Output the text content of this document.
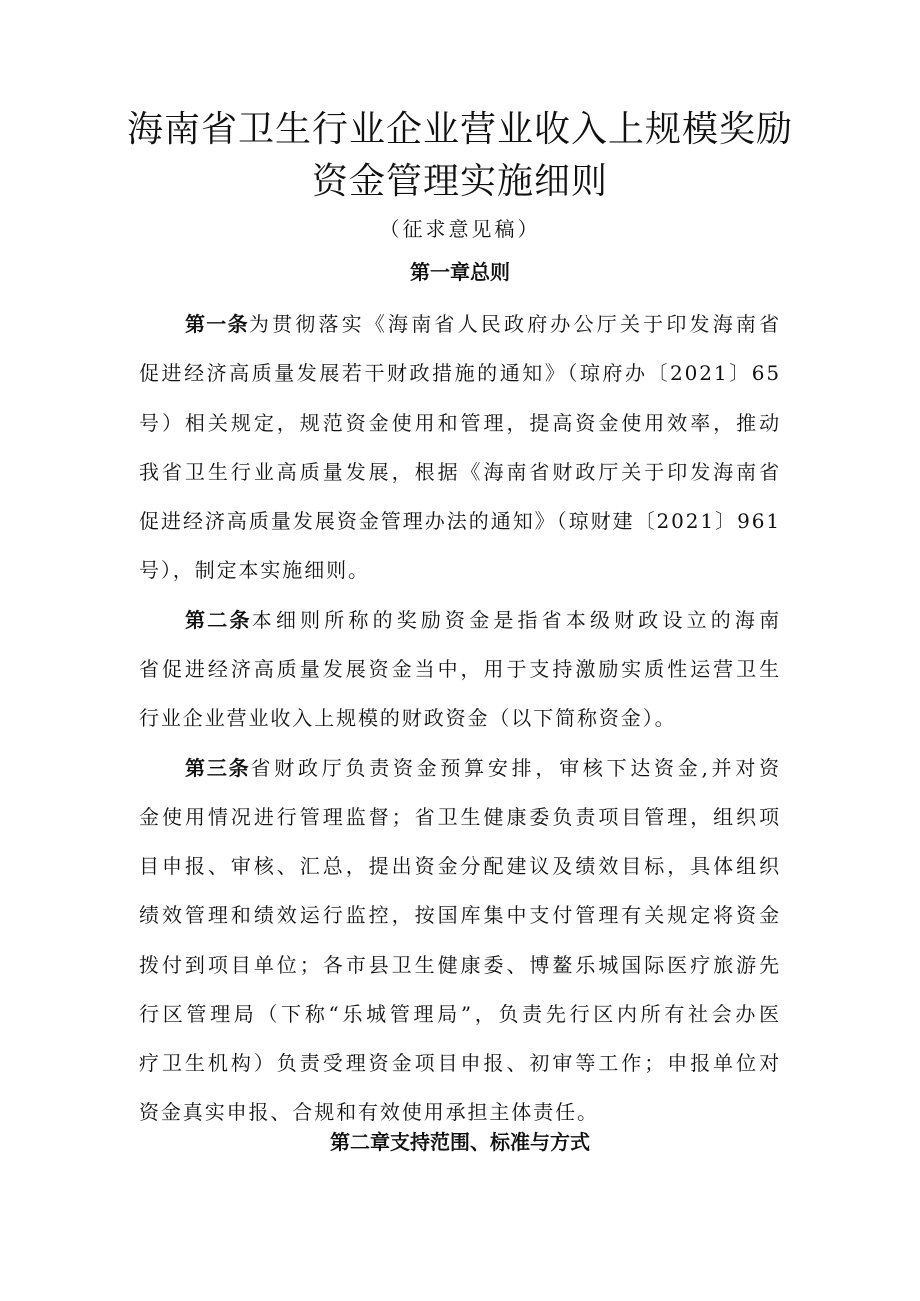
海南省卫生行业企业营业收入上规模奖励
资金管理实施细则
（征求意见稿）
第一章总则
第一条为贯彻落实《海南省人民政府办公厅关于印发海南省
促进经济高质量发展若干财政措施的通知》（琼府办〔2021〕65
号）相关规定，规范资金使用和管理，提高资金使用效率，推动
我省卫生行业高质量发展，根据《海南省财政厅关于印发海南省
促进经济高质量发展资金管理办法的通知》（琼财建〔2021〕961
号），制定本实施细则。
第二条本细则所称的奖励资金是指省本级财政设立的海南
省促进经济高质量发展资金当中，用于支持激励实质性运营卫生
行业企业营业收入上规模的财政资金（以下简称资金）。
第三条省财政厅负责资金预算安排，审核下达资金,并对资
金使用情况进行管理监督；省卫生健康委负责项目管理，组织项
目申报、审核、汇总，提出资金分配建议及绩效目标，具体组织
绩效管理和绩效运行监控，按国库集中支付管理有关规定将资金
拨付到项目单位；各市县卫生健康委、博鳌乐城国际医疗旅游先
行区管理局（下称“乐城管理局”，负责先行区内所有社会办医
疗卫生机构）负责受理资金项目申报、初审等工作；申报单位对
资金真实申报、合规和有效使用承担主体责任。
第二章支持范围、标准与方式
